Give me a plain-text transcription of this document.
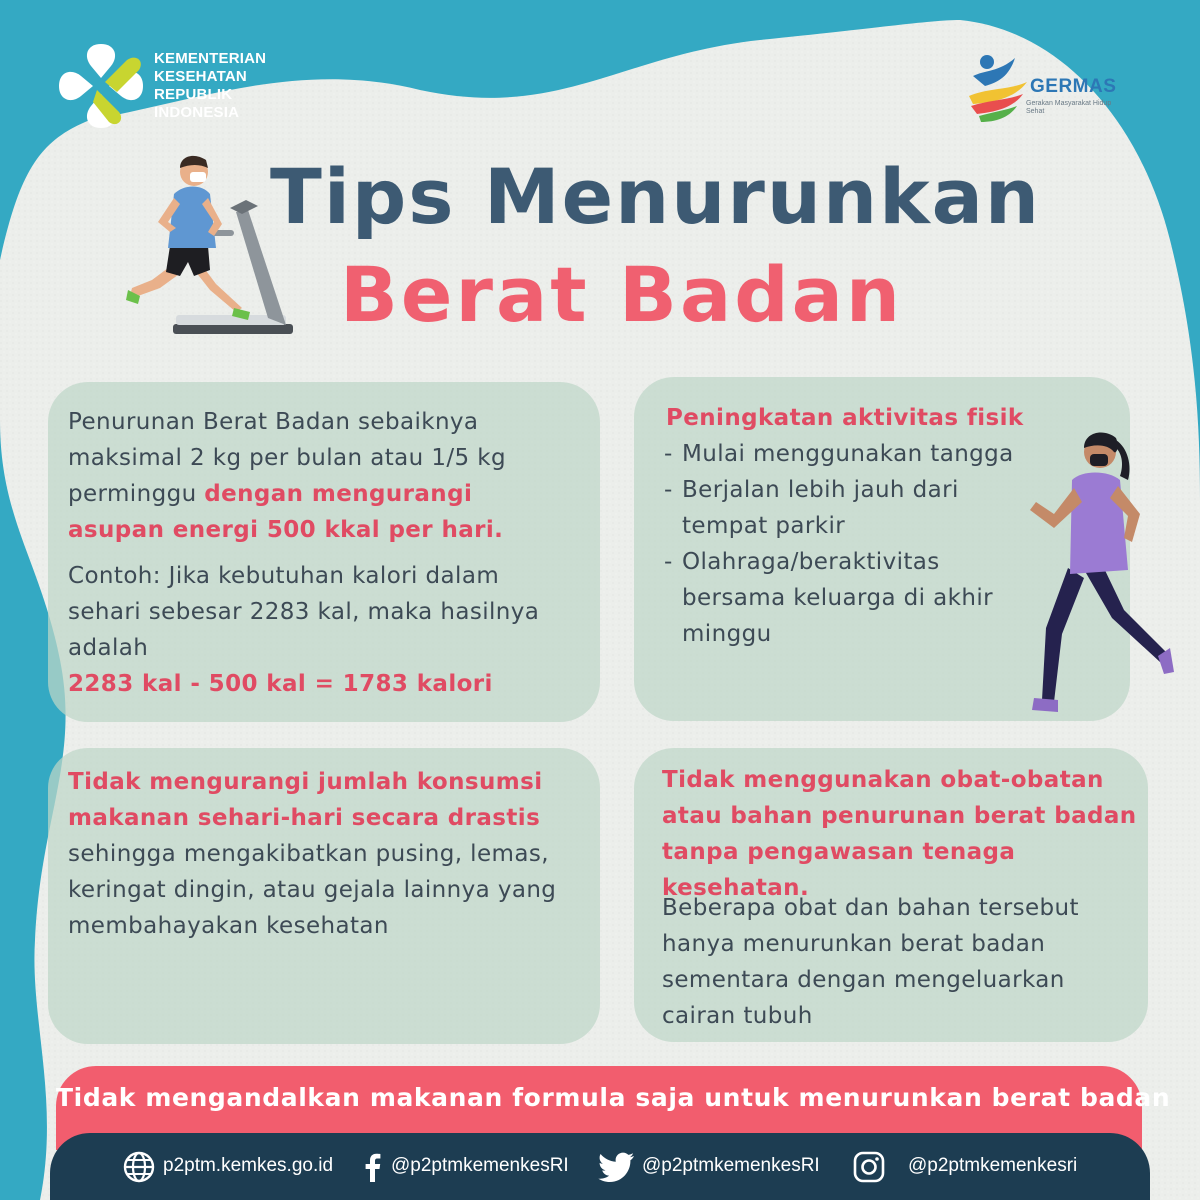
KEMENTERIAN
KESEHATAN
REPUBLIK
INDONESIA
GERMAS
Gerakan Masyarakat Hidup Sehat
Tips Menurunkan
Berat Badan
Penurunan Berat Badan sebaiknya maksimal 2 kg per bulan atau 1/5 kg perminggu dengan mengurangi asupan energi 500 kkal per hari.
Contoh: Jika kebutuhan kalori dalam sehari sebesar 2283 kal, maka hasilnya adalah
2283 kal - 500 kal = 1783 kalori
Peningkatan aktivitas fisik
- Mulai menggunakan tangga
- Berjalan lebih jauh dari tempat parkir
- Olahraga/beraktivitas bersama keluarga di akhir minggu
Tidak mengurangi jumlah konsumsi makanan sehari-hari secara drastis sehingga mengakibatkan pusing, lemas, keringat dingin, atau gejala lainnya yang membahayakan kesehatan
Tidak menggunakan obat-obatan atau bahan penurunan berat badan tanpa pengawasan tenaga kesehatan.
Beberapa obat dan bahan tersebut hanya menurunkan berat badan sementara dengan mengeluarkan cairan tubuh
Tidak mengandalkan makanan formula saja untuk menurunkan berat badan
p2ptm.kemkes.go.id	@p2ptmkemenkesRI	@p2ptmkemenkesRI	@p2ptmkemenkesri
